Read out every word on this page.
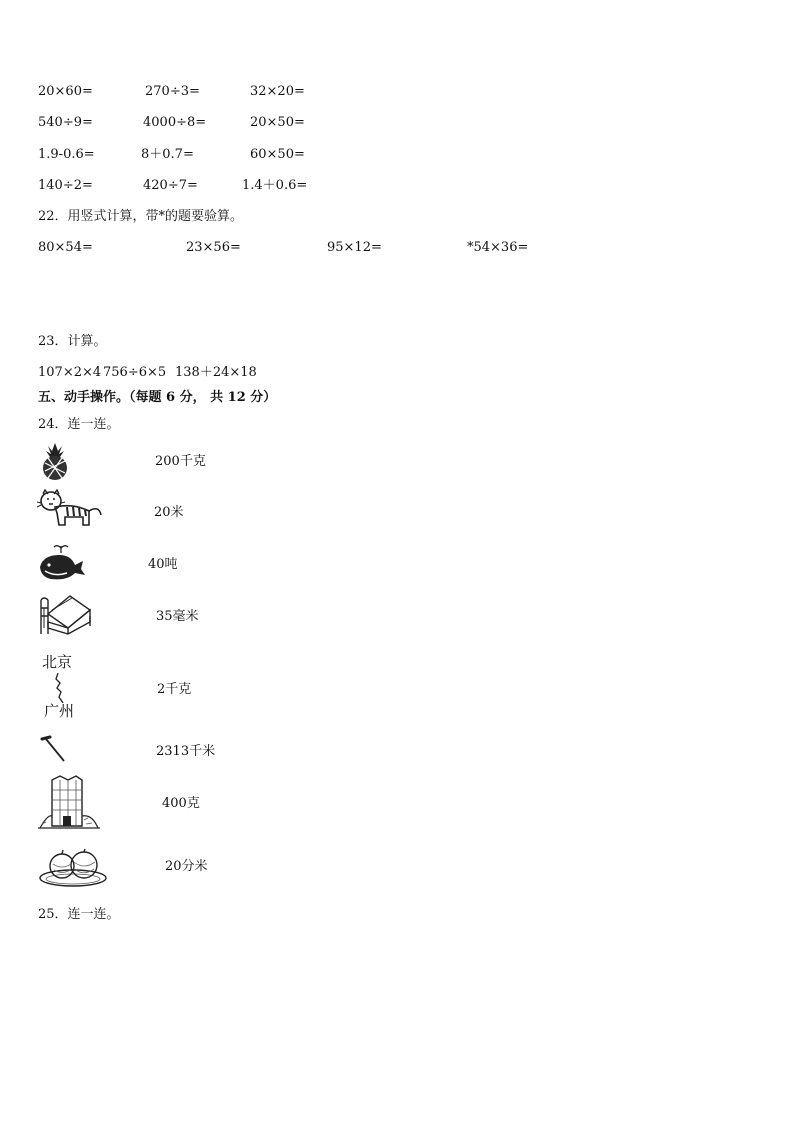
20×60=	270÷3=	32×20=
540÷9=	4000÷8=	20×50=
1.9-0.6=	8＋0.7=	60×50=
140÷2=	420÷7=	1.4＋0.6=
22．用竖式计算，带*的题要验算。
80×54=	23×56=	95×12=	*54×36=
23．计算。
107×2×4 756÷6×5 138＋24×18
五、动手操作。（每题 6 分， 共 12 分）
24．连一连。
200千克
20米
40吨
35毫米
北京
广州
2千克
2313千米
400克
20分米
25．连一连。
